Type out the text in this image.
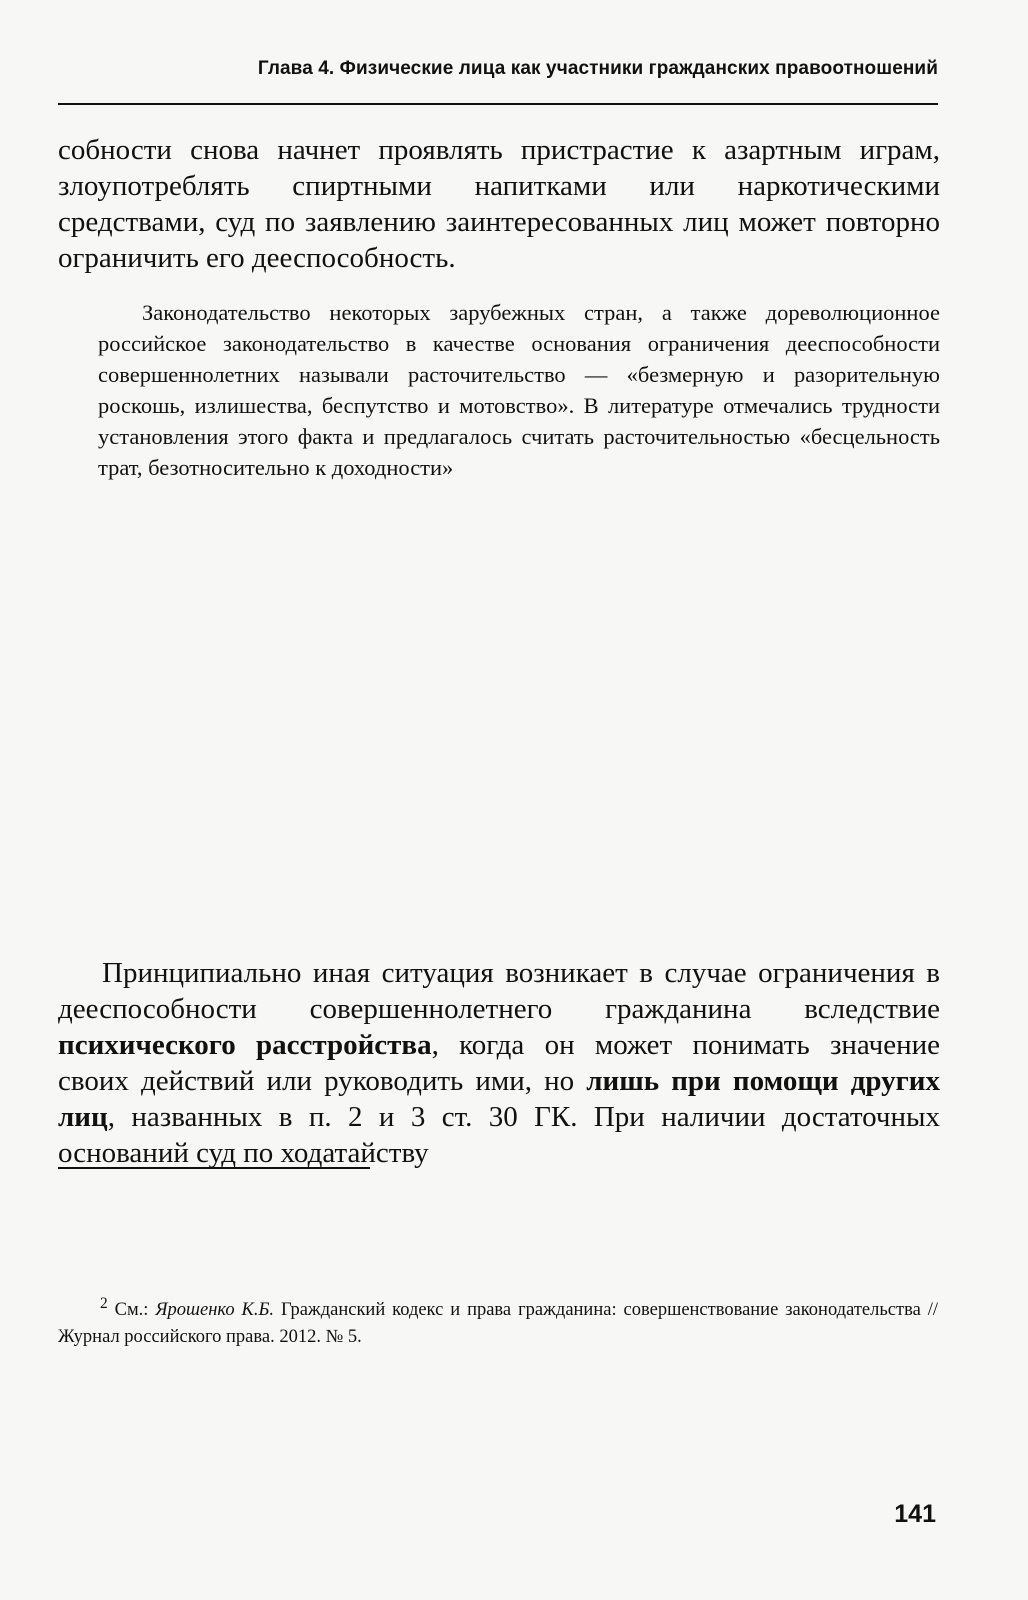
Глава 4. Физические лица как участники гражданских правоотношений
собности снова начнет проявлять пристрастие к азартным играм, злоупотреблять спиртными напитками или наркотическими средствами, суд по заявлению заинтересованных лиц может повторно ограничить его дееспособность.
Законодательство некоторых зарубежных стран, а также дореволюционное российское законодательство в качестве основания ограничения дееспособности совершеннолетних называли расточительство — «безмерную и разорительную роскошь, излишества, беспутство и мотовство». В литературе отмечались трудности установления этого факта и предлагалось считать расточительностью «бесцельность трат, безотносительно к доходности»
Принципиально иная ситуация возникает в случае ограничения в дееспособности совершеннолетнего гражданина вследствие психического расстройства, когда он может понимать значение своих действий или руководить ими, но лишь при помощи других лиц, названных в п. 2 и 3 ст. 30 ГК. При наличии достаточных оснований суд по ходатайству
$^2$ См.: Ярошенко К.Б. Гражданский кодекс и права гражданина: совершенствование законодательства // Журнал российского права. 2012. № 5.
141
